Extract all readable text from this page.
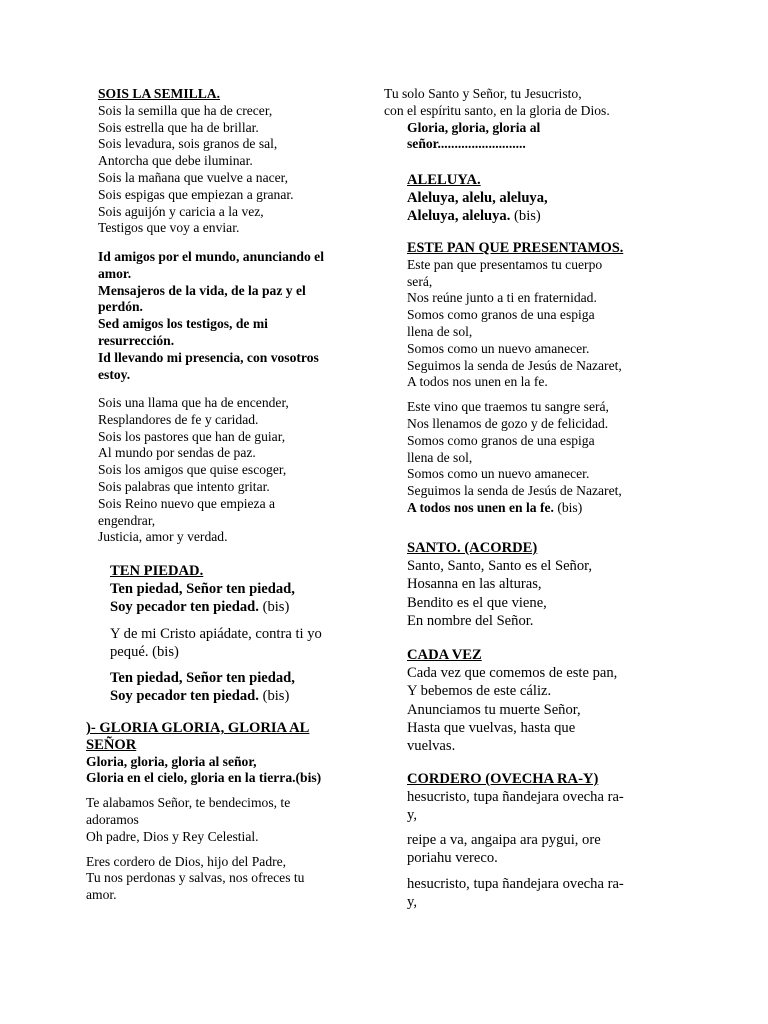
SOIS LA SEMILLA.
Sois la semilla que ha de crecer,
Sois estrella que ha de brillar.
Sois levadura, sois granos de sal,
Antorcha que debe iluminar.
Sois la mañana que vuelve a nacer,
Sois espigas que empiezan a granar.
Sois aguijón y caricia a la vez,
Testigos que voy a enviar.
Id amigos por el mundo, anunciando el
amor.
Mensajeros de la vida, de la paz y el
perdón.
Sed amigos los testigos, de mi
resurrección.
Id llevando mi presencia, con vosotros
estoy.
Sois una llama que ha de encender,
Resplandores de fe y caridad.
Sois los pastores que han de guiar,
Al mundo por sendas de paz.
Sois los amigos que quise escoger,
Sois palabras que intento gritar.
Sois Reino nuevo que empieza a
engendrar,
Justicia, amor y verdad.
TEN PIEDAD.
Ten piedad, Señor ten piedad,
Soy pecador ten piedad. (bis)
Y de mi Cristo apiádate, contra ti yo
pequé. (bis)
Ten piedad, Señor ten piedad,
Soy pecador ten piedad. (bis)
)- GLORIA GLORIA, GLORIA AL
SEÑOR
Gloria, gloria, gloria al señor,
Gloria en el cielo, gloria en la tierra.(bis)
Te alabamos Señor, te bendecimos, te
adoramos
Oh padre, Dios y Rey Celestial.
Eres cordero de Dios, hijo del Padre,
Tu nos perdonas y salvas, nos ofreces tu
amor.
Tu solo Santo y Señor, tu Jesucristo,
con el espíritu santo, en la gloria de Dios.
Gloria, gloria, gloria al
señor..........................
ALELUYA.
Aleluya, alelu, aleluya,
Aleluya, aleluya. (bis)
ESTE PAN QUE PRESENTAMOS.
Este pan que presentamos tu cuerpo
será,
Nos reúne junto a ti en fraternidad.
Somos como granos de una espiga
llena de sol,
Somos como un nuevo amanecer.
Seguimos la senda de Jesús de Nazaret,
A todos nos unen en la fe.
Este vino que traemos tu sangre será,
Nos llenamos de gozo y de felicidad.
Somos como granos de una espiga
llena de sol,
Somos como un nuevo amanecer.
Seguimos la senda de Jesús de Nazaret,
A todos nos unen en la fe. (bis)
SANTO. (ACORDE)
Santo, Santo, Santo es el Señor,
Hosanna en las alturas,
Bendito es el que viene,
En nombre del Señor.
CADA VEZ
Cada vez que comemos de este pan,
Y bebemos de este cáliz.
Anunciamos tu muerte Señor,
Hasta que vuelvas, hasta que
vuelvas.
CORDERO (OVECHA RA-Y)
hesucristo, tupa ñandejara ovecha ra-
y,
reipe a va, angaipa ara pygui, ore
poriahu vereco.
hesucristo, tupa ñandejara ovecha ra-
y,
